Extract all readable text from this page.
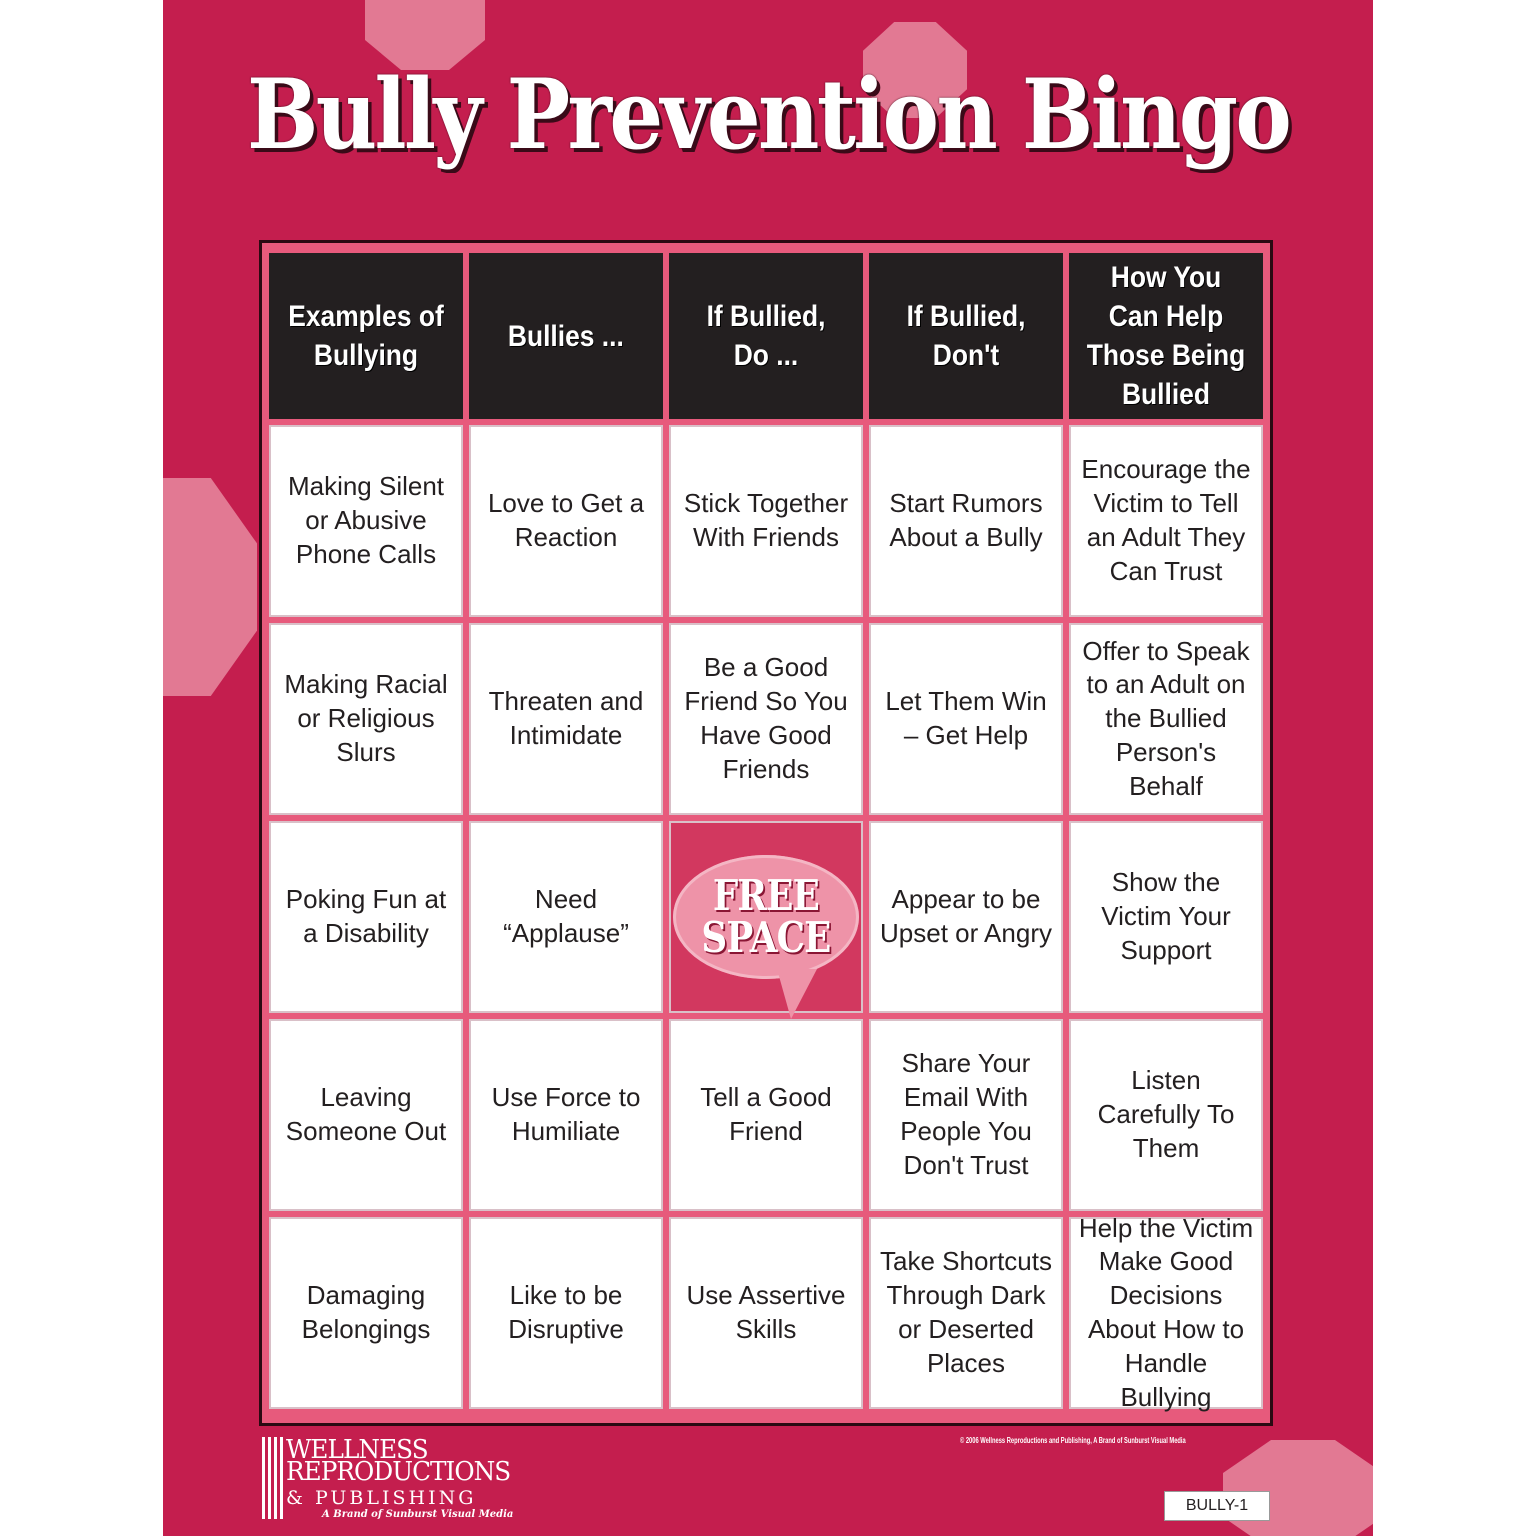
Bully Prevention Bingo
Examples of Bullying
Bullies ...
If Bullied, Do ...
If Bullied, Don't
How You Can Help Those Being Bullied
Making Silent or Abusive Phone Calls
Love to Get a Reaction
Stick Together With Friends
Start Rumors About a Bully
Encourage the Victim to Tell an Adult They Can Trust
Making Racial or Religious Slurs
Threaten and Intimidate
Be a Good Friend So You Have Good Friends
Let Them Win – Get Help
Offer to Speak to an Adult on the Bullied Person's Behalf
Poking Fun at a Disability
Need “Applause”
FREE
SPACE
Appear to be Upset or Angry
Show the Victim Your Support
Leaving Someone Out
Use Force to Humiliate
Tell a Good Friend
Share Your Email With People You Don't Trust
Listen Carefully To Them
Damaging Belongings
Like to be Disruptive
Use Assertive Skills
Take Shortcuts Through Dark or Deserted Places
Help the Victim Make Good Decisions About How to Handle Bullying
WELLNESS
REPRODUCTIONS
& PUBLISHING
A Brand of Sunburst Visual Media
© 2006 Wellness Reproductions and Publishing, A Brand of Sunburst Visual Media
BULLY-1
